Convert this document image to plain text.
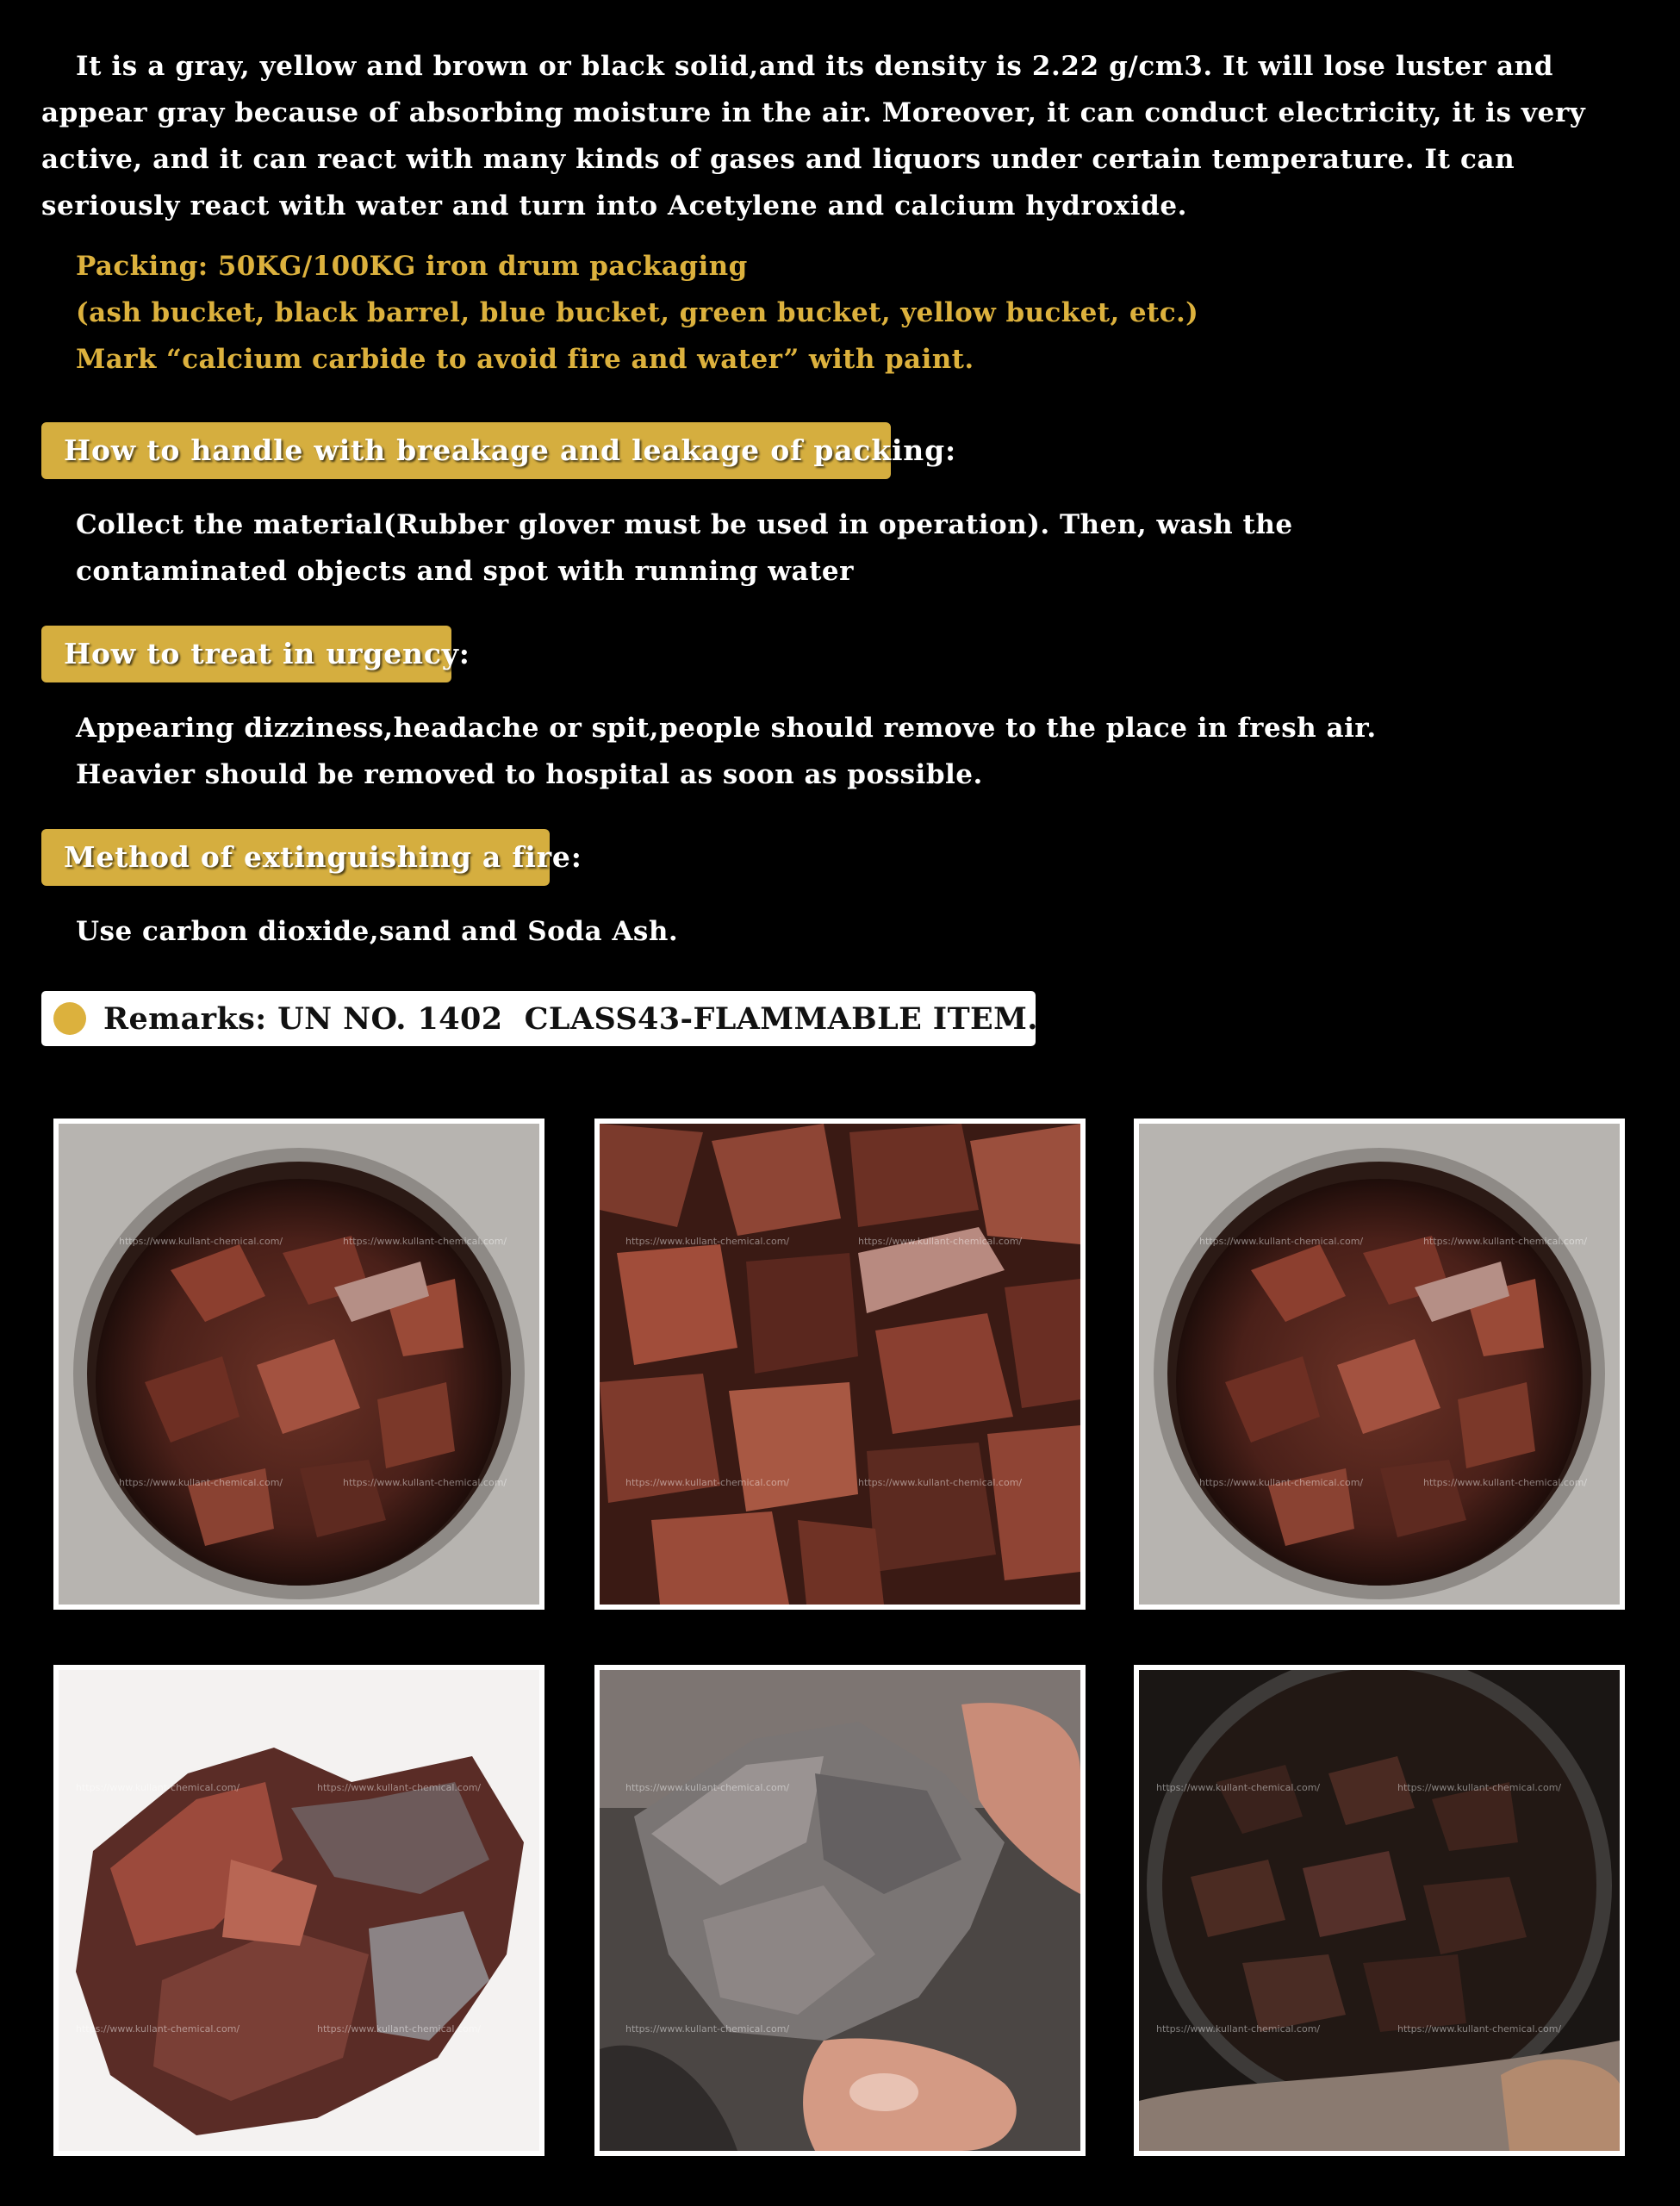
It is a gray, yellow and brown or black solid,and its density is 2.22 g/cm3. It will lose luster and appear gray because of absorbing moisture in the air. Moreover, it can conduct electricity, it is very active, and it can react with many kinds of gases and liquors under certain temperature. It can seriously react with water and turn into Acetylene and calcium hydroxide.

Packing: 50KG/100KG iron drum packaging
(ash bucket, black barrel, blue bucket, green bucket, yellow bucket, etc.)
Mark “calcium carbide to avoid fire and water” with paint.
How to handle with breakage and leakage of packing:
Collect the material(Rubber glover must be used in operation). Then, wash the contaminated objects and spot with running water
How to treat in urgency:
Appearing dizziness,headache or spit,people should remove to the place in fresh air. Heavier should be removed to hospital as soon as possible.
Method of extinguishing a fire:
Use carbon dioxide,sand and Soda Ash.
Remarks: UN NO. 1402  CLASS43-FLAMMABLE ITEM.
https://www.kullant-chemical.com/	https://www.kullant-chemical.com/
https://www.kullant-chemical.com/	https://www.kullant-chemical.com/
https://www.kullant-chemical.com/	https://www.kullant-chemical.com/
https://www.kullant-chemical.com/	https://www.kullant-chemical.com/
https://www.kullant-chemical.com/	https://www.kullant-chemical.com/
https://www.kullant-chemical.com/	https://www.kullant-chemical.com/
https://www.kullant-chemical.com/	https://www.kullant-chemical.com/
https://www.kullant-chemical.com/	https://www.kullant-chemical.com/
https://www.kullant-chemical.com/
https://www.kullant-chemical.com/
https://www.kullant-chemical.com/	https://www.kullant-chemical.com/
https://www.kullant-chemical.com/	https://www.kullant-chemical.com/
